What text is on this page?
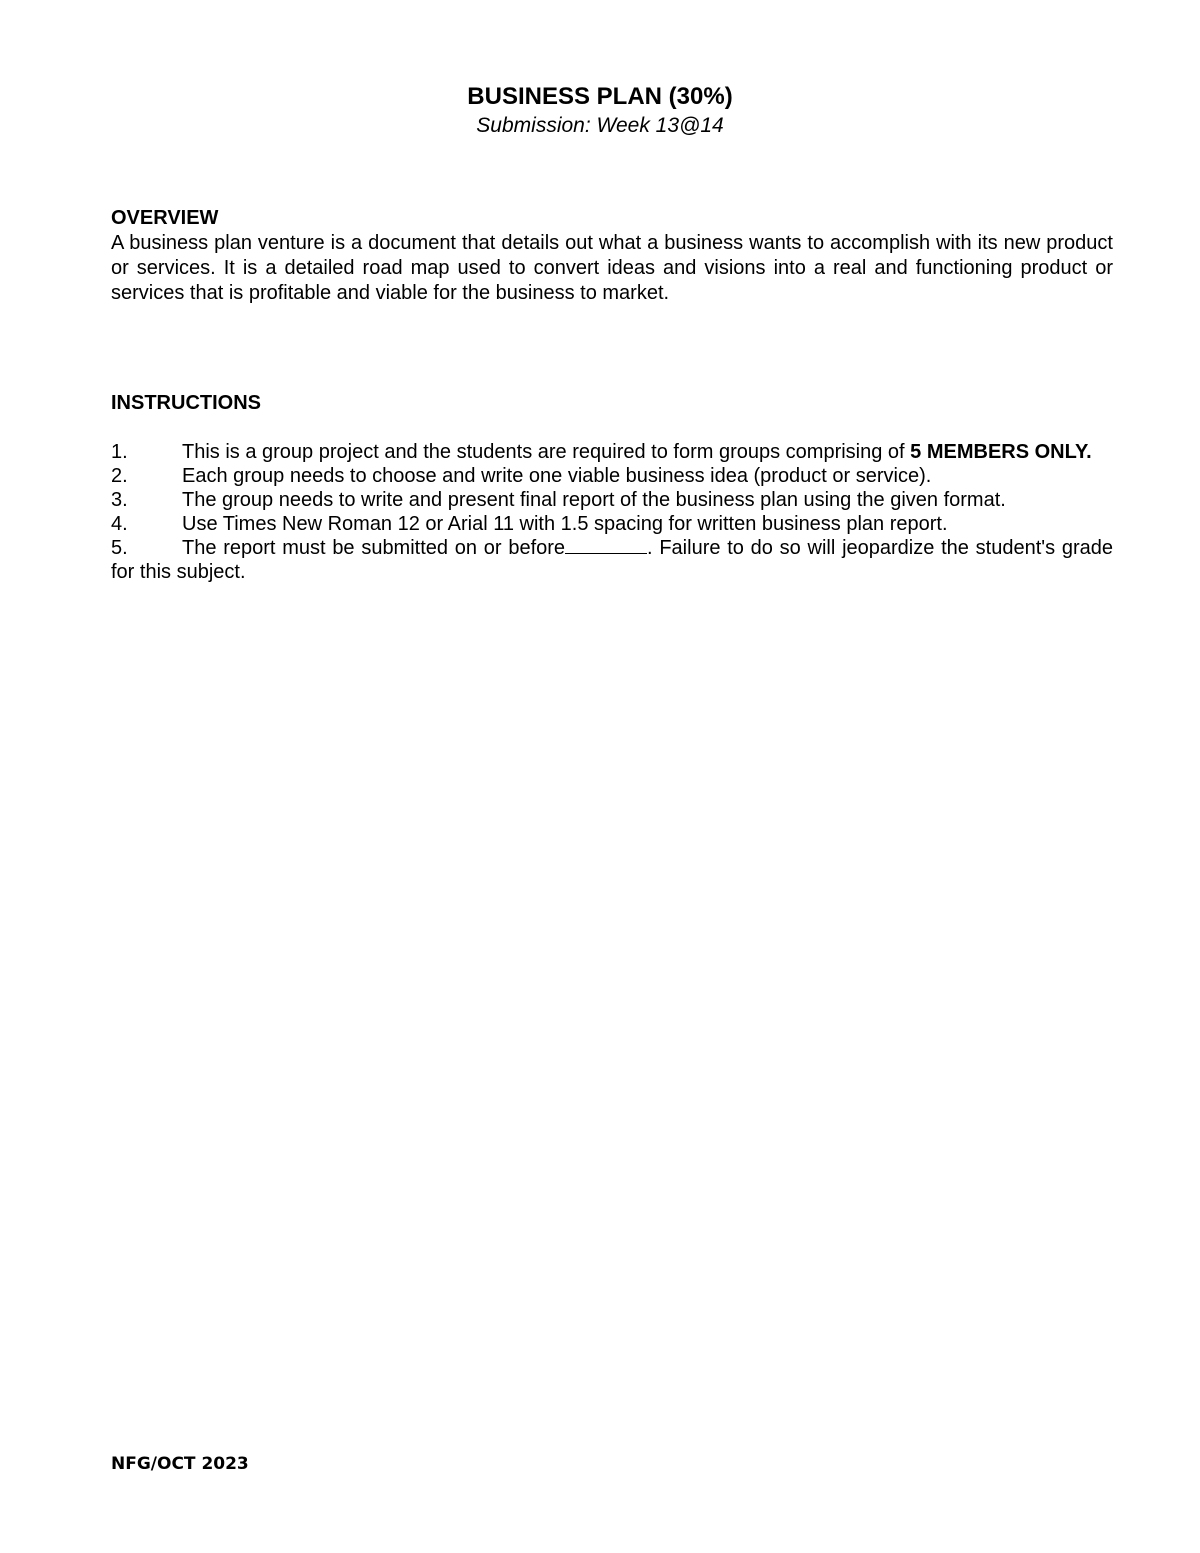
BUSINESS PLAN (30%)
Submission: Week 13@14

OVERVIEW

A business plan venture is a document that details out what a business wants to accomplish with its new product or services. It is a detailed road map used to convert ideas and visions into a real and functioning product or services that is profitable and viable for the business to market.

INSTRUCTIONS

1.	This is a group project and the students are required to form groups comprising of 5 MEMBERS ONLY.
2.	Each group needs to choose and write one viable business idea (product or service).
3.	The group needs to write and present final report of the business plan using the given format.
4.	Use Times New Roman 12 or Arial 11 with 1.5 spacing for written business plan report.
5.	The report must be submitted on or before	. Failure to do so will jeopardize the student's grade for this subject.
NFG/OCT 2023
